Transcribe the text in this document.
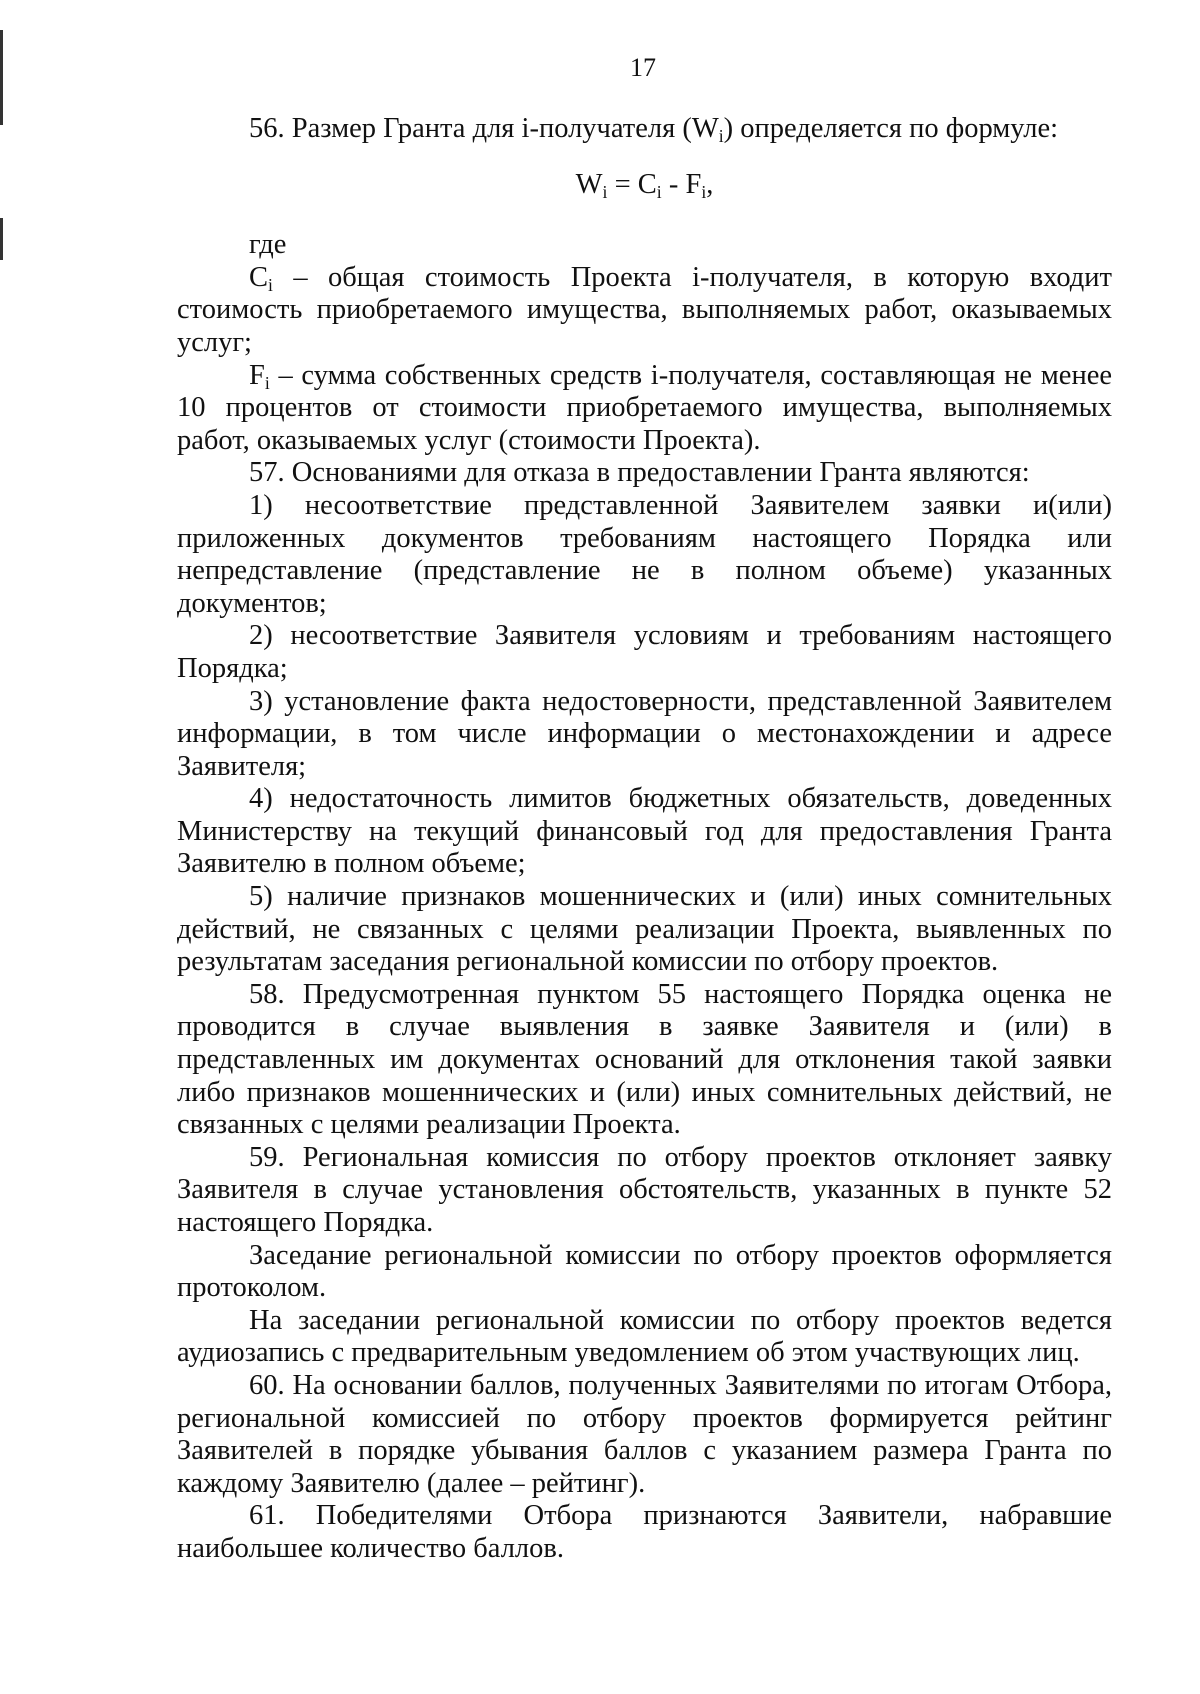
17

56. Размер Гранта для i-получателя $(W_i)$ определяется по формуле:

$W_i = C_i - F_i$,

где

$C_i$ – общая стоимость Проекта i-получателя, в которую входит стоимость приобретаемого имущества, выполняемых работ, оказываемых услуг;

$F_i$ – сумма собственных средств i-получателя, составляющая не менее 10 процентов от стоимости приобретаемого имущества, выполняемых работ, оказываемых услуг (стоимости Проекта).

57. Основаниями для отказа в предоставлении Гранта являются:

1) несоответствие представленной Заявителем заявки и(или) приложенных документов требованиям настоящего Порядка или непредставление (представление не в полном объеме) указанных документов;

2) несоответствие Заявителя условиям и требованиям настоящего Порядка;

3) установление факта недостоверности, представленной Заявителем информации, в том числе информации о местонахождении и адресе Заявителя;

4) недостаточность лимитов бюджетных обязательств, доведенных Министерству на текущий финансовый год для предоставления Гранта Заявителю в полном объеме;

5) наличие признаков мошеннических и (или) иных сомнительных действий, не связанных с целями реализации Проекта, выявленных по результатам заседания региональной комиссии по отбору проектов.

58. Предусмотренная пунктом 55 настоящего Порядка оценка не проводится в случае выявления в заявке Заявителя и (или) в представленных им документах оснований для отклонения такой заявки либо признаков мошеннических и (или) иных сомнительных действий, не связанных с целями реализации Проекта.

59. Региональная комиссия по отбору проектов отклоняет заявку Заявителя в случае установления обстоятельств, указанных в пункте 52 настоящего Порядка.

Заседание региональной комиссии по отбору проектов оформляется протоколом.

На заседании региональной комиссии по отбору проектов ведется аудиозапись с предварительным уведомлением об этом участвующих лиц.

60. На основании баллов, полученных Заявителями по итогам Отбора, региональной комиссией по отбору проектов формируется рейтинг Заявителей в порядке убывания баллов с указанием размера Гранта по каждому Заявителю (далее – рейтинг).

61. Победителями Отбора признаются Заявители, набравшие наибольшее количество баллов.
